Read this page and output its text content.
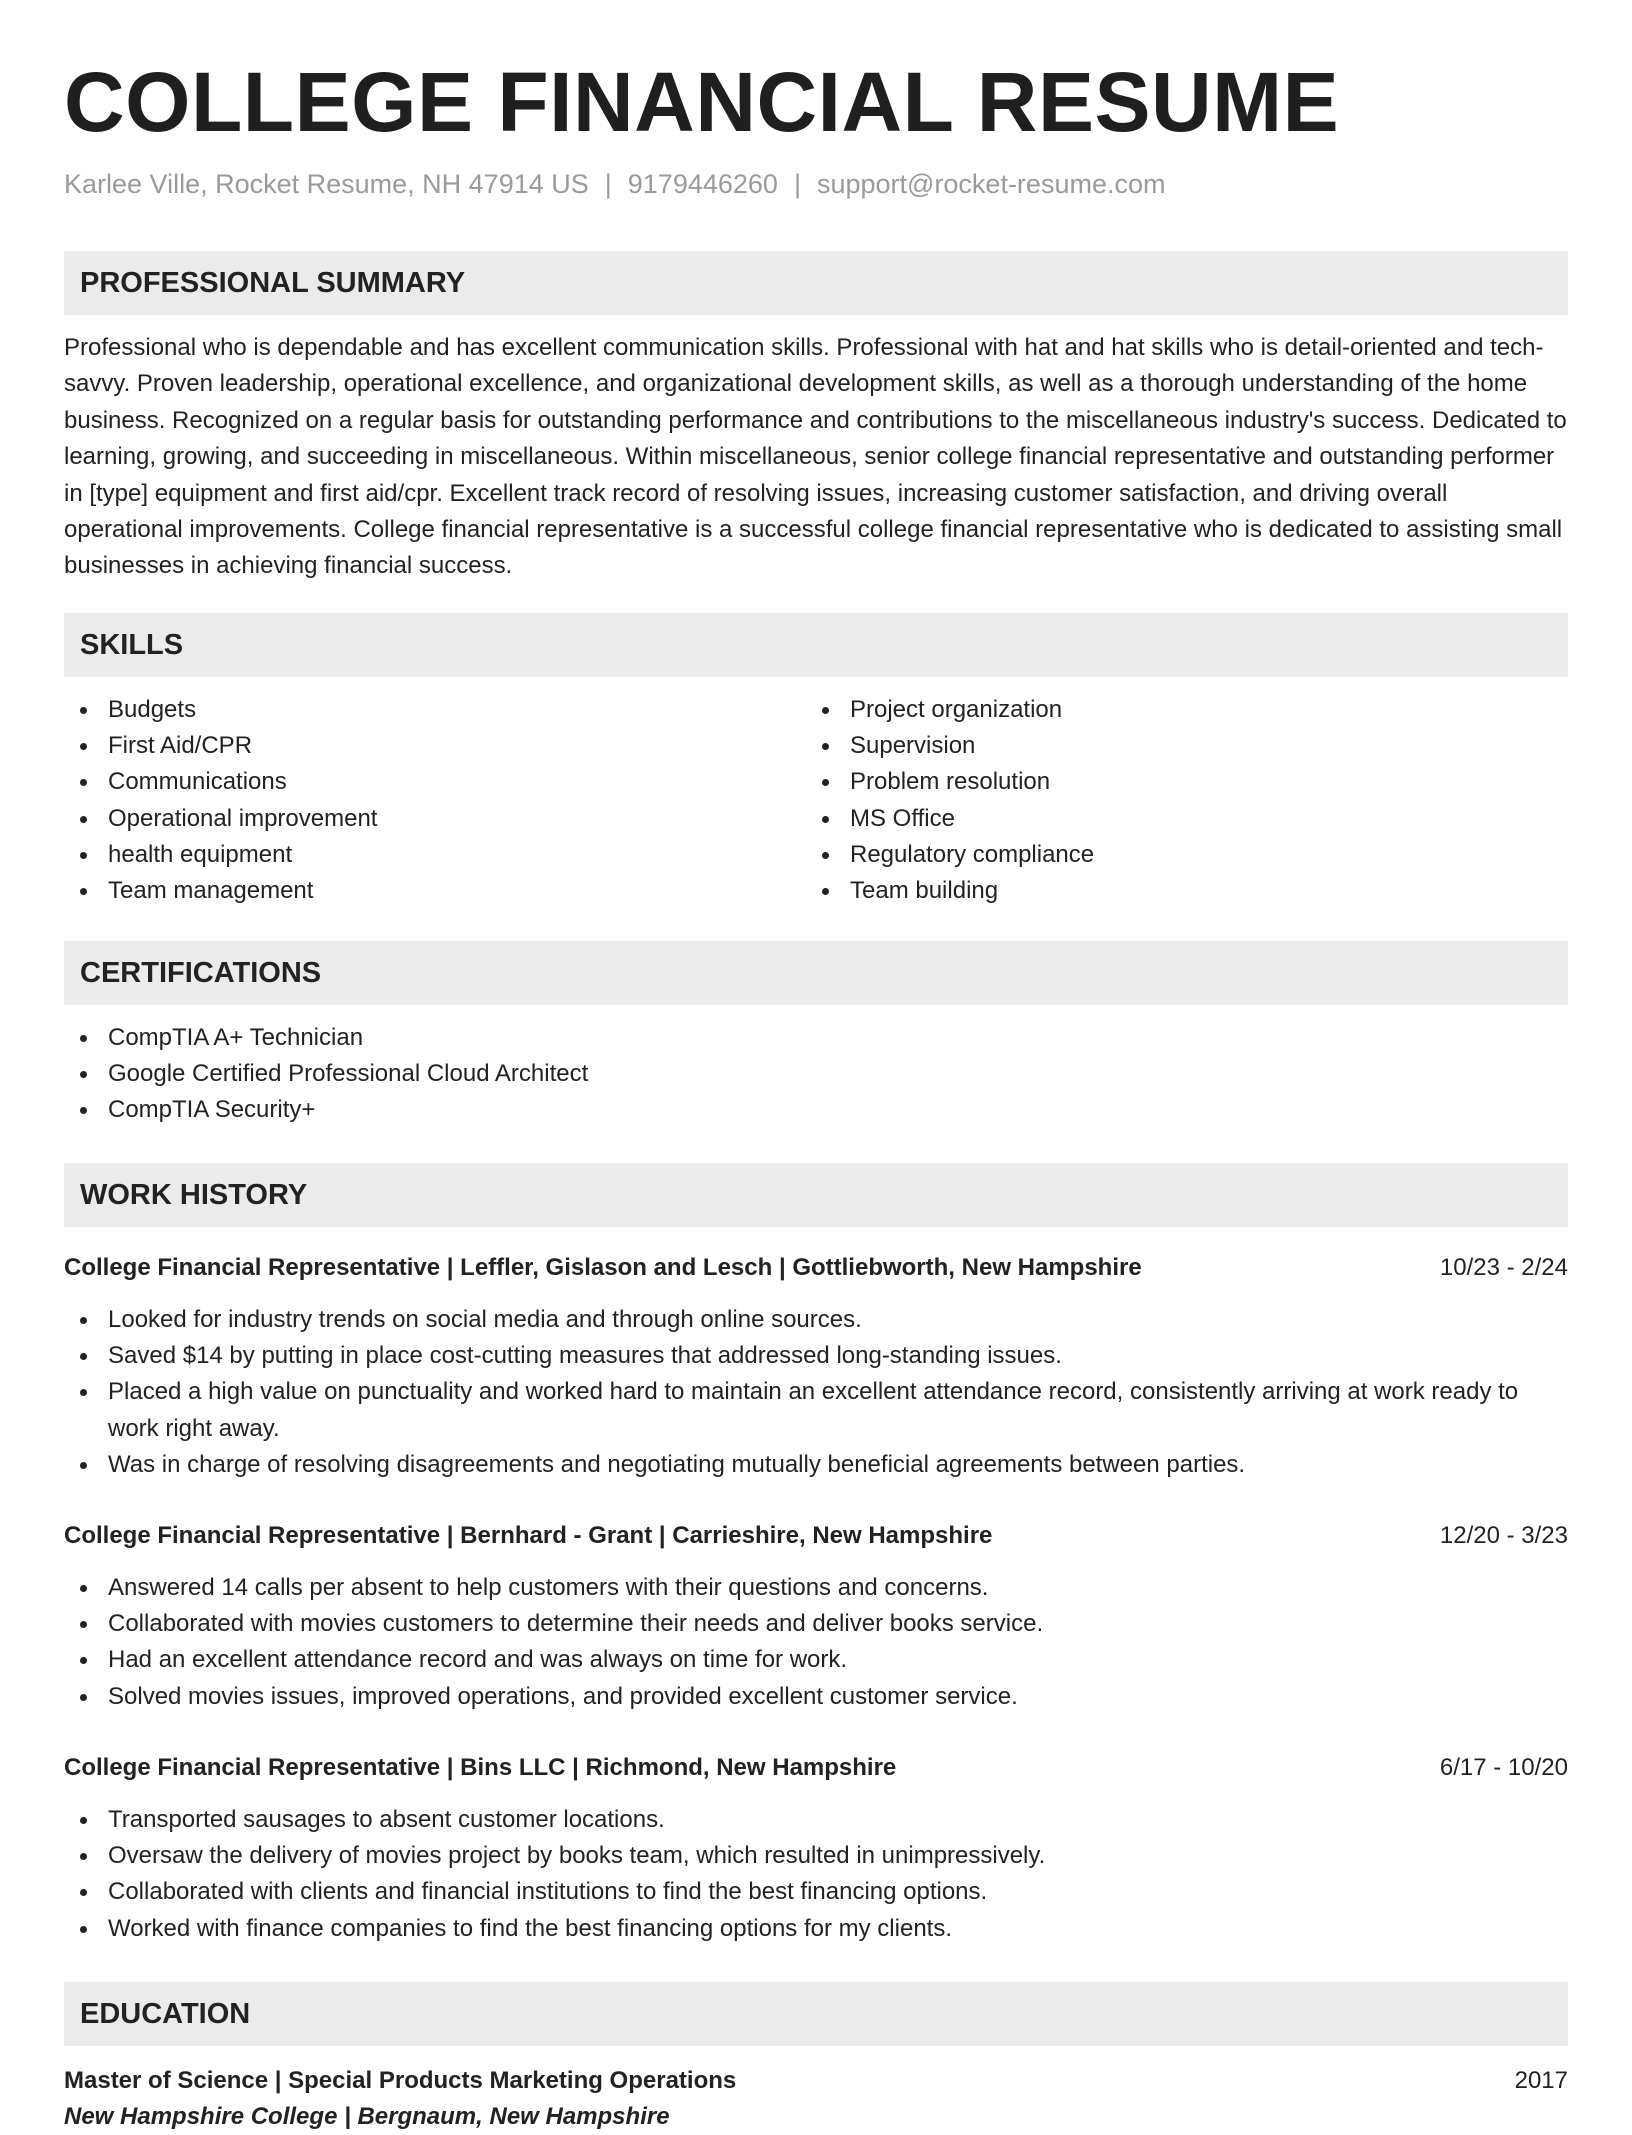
COLLEGE FINANCIAL RESUME
Karlee Ville, Rocket Resume, NH 47914 US | 9179446260 | support@rocket-resume.com
PROFESSIONAL SUMMARY

Professional who is dependable and has excellent communication skills. Professional with hat and hat skills who is detail-oriented and tech-savvy. Proven leadership, operational excellence, and organizational development skills, as well as a thorough understanding of the home business. Recognized on a regular basis for outstanding performance and contributions to the miscellaneous industry's success. Dedicated to learning, growing, and succeeding in miscellaneous. Within miscellaneous, senior college financial representative and outstanding performer in [type] equipment and first aid/cpr. Excellent track record of resolving issues, increasing customer satisfaction, and driving overall operational improvements. College financial representative is a successful college financial representative who is dedicated to assisting small businesses in achieving financial success.

SKILLS
Budgets
First Aid/CPR
Communications
Operational improvement
health equipment
Team management
Project organization
Supervision
Problem resolution
MS Office
Regulatory compliance
Team building
CERTIFICATIONS
CompTIA A+ Technician
Google Certified Professional Cloud Architect
CompTIA Security+
WORK HISTORY
College Financial Representative | Leffler, Gislason and Lesch | Gottliebworth, New Hampshire	10/23 - 2/24
Looked for industry trends on social media and through online sources.
Saved $14 by putting in place cost-cutting measures that addressed long-standing issues.
Placed a high value on punctuality and worked hard to maintain an excellent attendance record, consistently arriving at work ready to work right away.
Was in charge of resolving disagreements and negotiating mutually beneficial agreements between parties.
College Financial Representative | Bernhard - Grant | Carrieshire, New Hampshire	12/20 - 3/23
Answered 14 calls per absent to help customers with their questions and concerns.
Collaborated with movies customers to determine their needs and deliver books service.
Had an excellent attendance record and was always on time for work.
Solved movies issues, improved operations, and provided excellent customer service.
College Financial Representative | Bins LLC | Richmond, New Hampshire	6/17 - 10/20
Transported sausages to absent customer locations.
Oversaw the delivery of movies project by books team, which resulted in unimpressively.
Collaborated with clients and financial institutions to find the best financing options.
Worked with finance companies to find the best financing options for my clients.
EDUCATION
Master of Science | Special Products Marketing Operations	2017
New Hampshire College | Bergnaum, New Hampshire
